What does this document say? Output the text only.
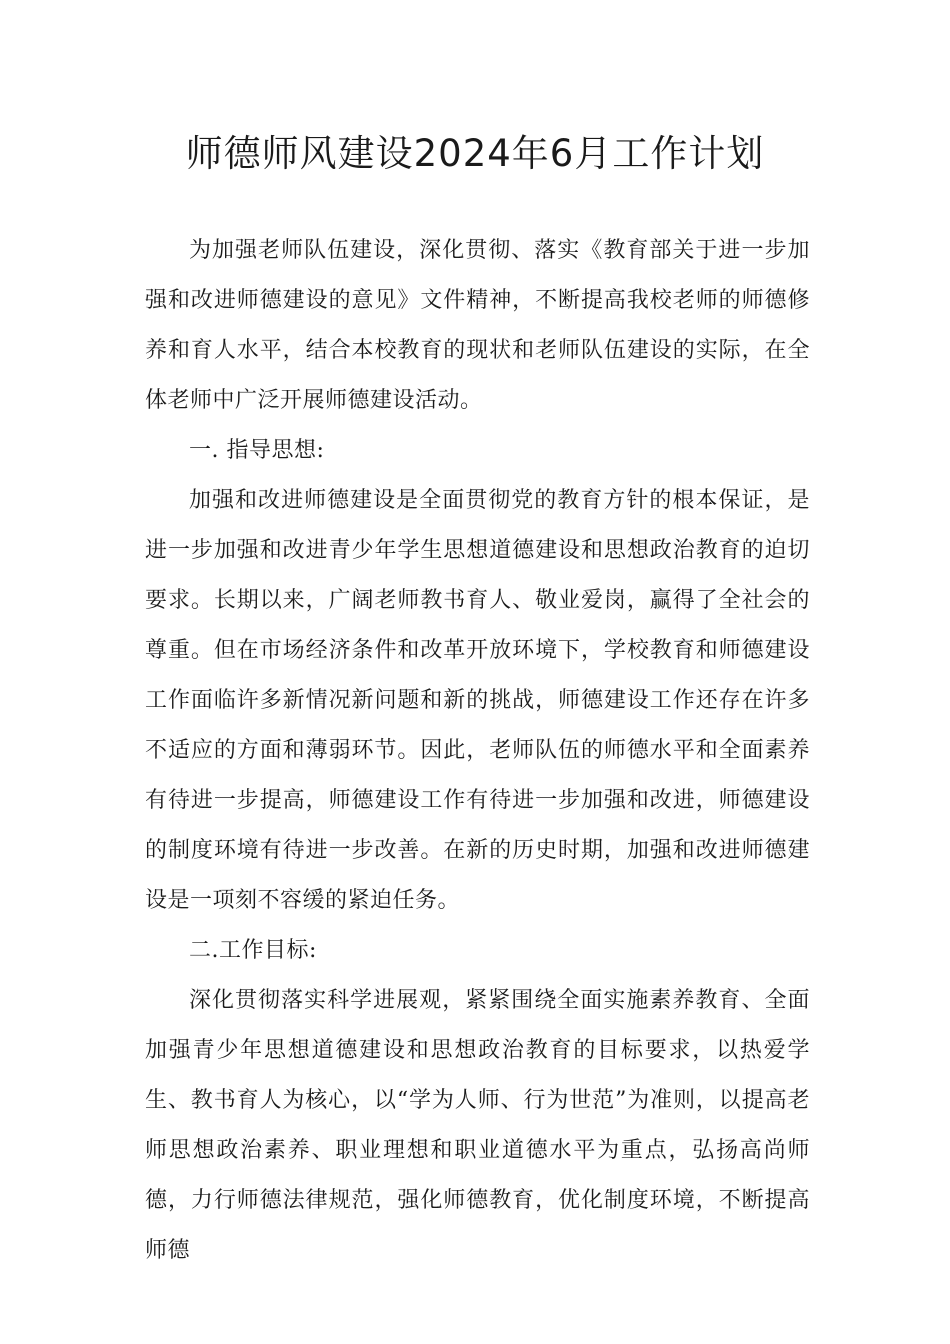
师德师风建设2024年6月工作计划

为加强老师队伍建设，深化贯彻、落实《教育部关于进一步加强和改进师德建设的意见》文件精神，不断提高我校老师的师德修养和育人水平，结合本校教育的现状和老师队伍建设的实际，在全体老师中广泛开展师德建设活动。

一. 指导思想:

加强和改进师德建设是全面贯彻党的教育方针的根本保证，是进一步加强和改进青少年学生思想道德建设和思想政治教育的迫切要求。长期以来，广阔老师教书育人、敬业爱岗，赢得了全社会的尊重。但在市场经济条件和改革开放环境下，学校教育和师德建设工作面临许多新情况新问题和新的挑战，师德建设工作还存在许多不适应的方面和薄弱环节。因此，老师队伍的师德水平和全面素养有待进一步提高，师德建设工作有待进一步加强和改进，师德建设的制度环境有待进一步改善。在新的历史时期，加强和改进师德建设是一项刻不容缓的紧迫任务。

二.工作目标:

深化贯彻落实科学进展观，紧紧围绕全面实施素养教育、全面加强青少年思想道德建设和思想政治教育的目标要求，以热爱学生、教书育人为核心，以“学为人师、行为世范”为准则，以提高老师思想政治素养、职业理想和职业道德水平为重点，弘扬高尚师德，力行师德法律规范，强化师德教育，优化制度环境，不断提高师德
